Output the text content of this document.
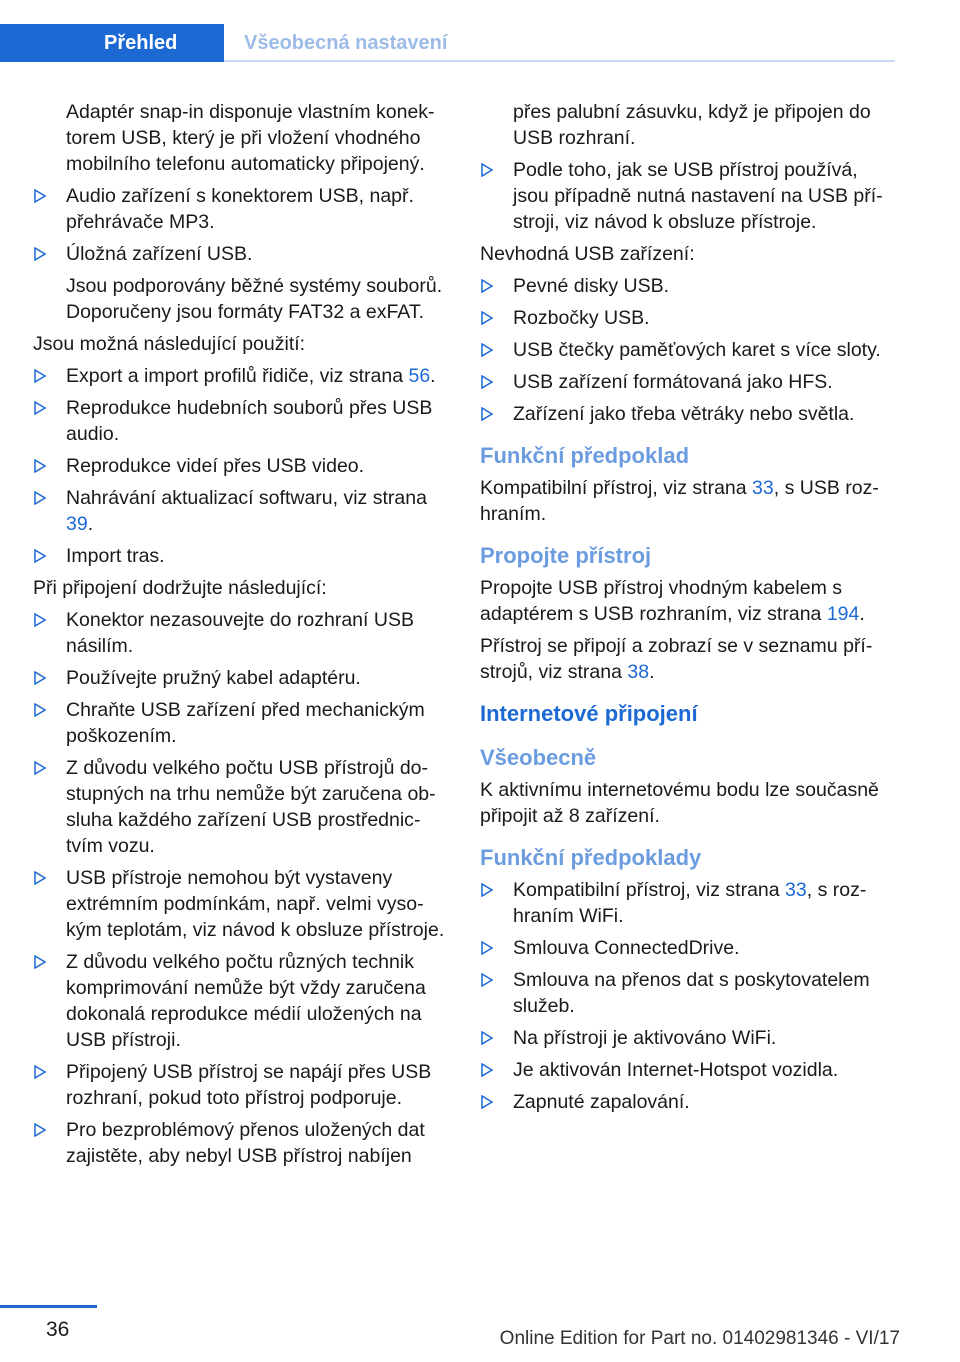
Přehled	Všeobecná nastavení

Adaptér snap-in disponuje vlastním konektorem USB, který je při vložení vhodného mobilního telefonu automaticky připojený.

Audio zařízení s konektorem USB, např. přehrávače MP3.
Úložná zařízení USB.
Jsou podporovány běžné systémy souborů. Doporučeny jsou formáty FAT32 a exFAT.

Jsou možná následující použití:

Export a import profilů řidiče, viz strana 56.
Reprodukce hudebních souborů přes USB audio.
Reprodukce videí přes USB video.
Nahrávání aktualizací softwaru, viz strana 39.
Import tras.

Při připojení dodržujte následující:

Konektor nezasouvejte do rozhraní USB násilím.
Používejte pružný kabel adaptéru.
Chraňte USB zařízení před mechanickým poškozením.
Z důvodu velkého počtu USB přístrojů dostupných na trhu nemůže být zaručena obsluha každého zařízení USB prostřednictvím vozu.
USB přístroje nemohou být vystaveny extrémním podmínkám, např. velmi vysokým teplotám, viz návod k obsluze přístroje.
Z důvodu velkého počtu různých technik komprimování nemůže být vždy zaručena dokonalá reprodukce médií uložených na USB přístroji.
Připojený USB přístroj se napájí přes USB rozhraní, pokud toto přístroj podporuje.
Pro bezproblémový přenos uložených dat zajistěte, aby nebyl USB přístroj nabíjen

přes palubní zásuvku, když je připojen do USB rozhraní.

Podle toho, jak se USB přístroj používá, jsou případně nutná nastavení na USB přístroji, viz návod k obsluze přístroje.

Nevhodná USB zařízení:

Pevné disky USB.
Rozbočky USB.
USB čtečky paměťových karet s více sloty.
USB zařízení formátovaná jako HFS.
Zařízení jako třeba větráky nebo světla.
Funkční předpoklad

Kompatibilní přístroj, viz strana 33, s USB rozhraním.

Propojte přístroj

Propojte USB přístroj vhodným kabelem s adaptérem s USB rozhraním, viz strana 194.

Přístroj se připojí a zobrazí se v seznamu přístrojů, viz strana 38.

Internetové připojení
Všeobecně

K aktivnímu internetovému bodu lze současně připojit až 8 zařízení.

Funkční předpoklady
Kompatibilní přístroj, viz strana 33, s rozhraním WiFi.
Smlouva ConnectedDrive.
Smlouva na přenos dat s poskytovatelem služeb.
Na přístroji je aktivováno WiFi.
Je aktivován Internet-Hotspot vozidla.
Zapnuté zapalování.
36	Online Edition for Part no. 01402981346 - VI/17
